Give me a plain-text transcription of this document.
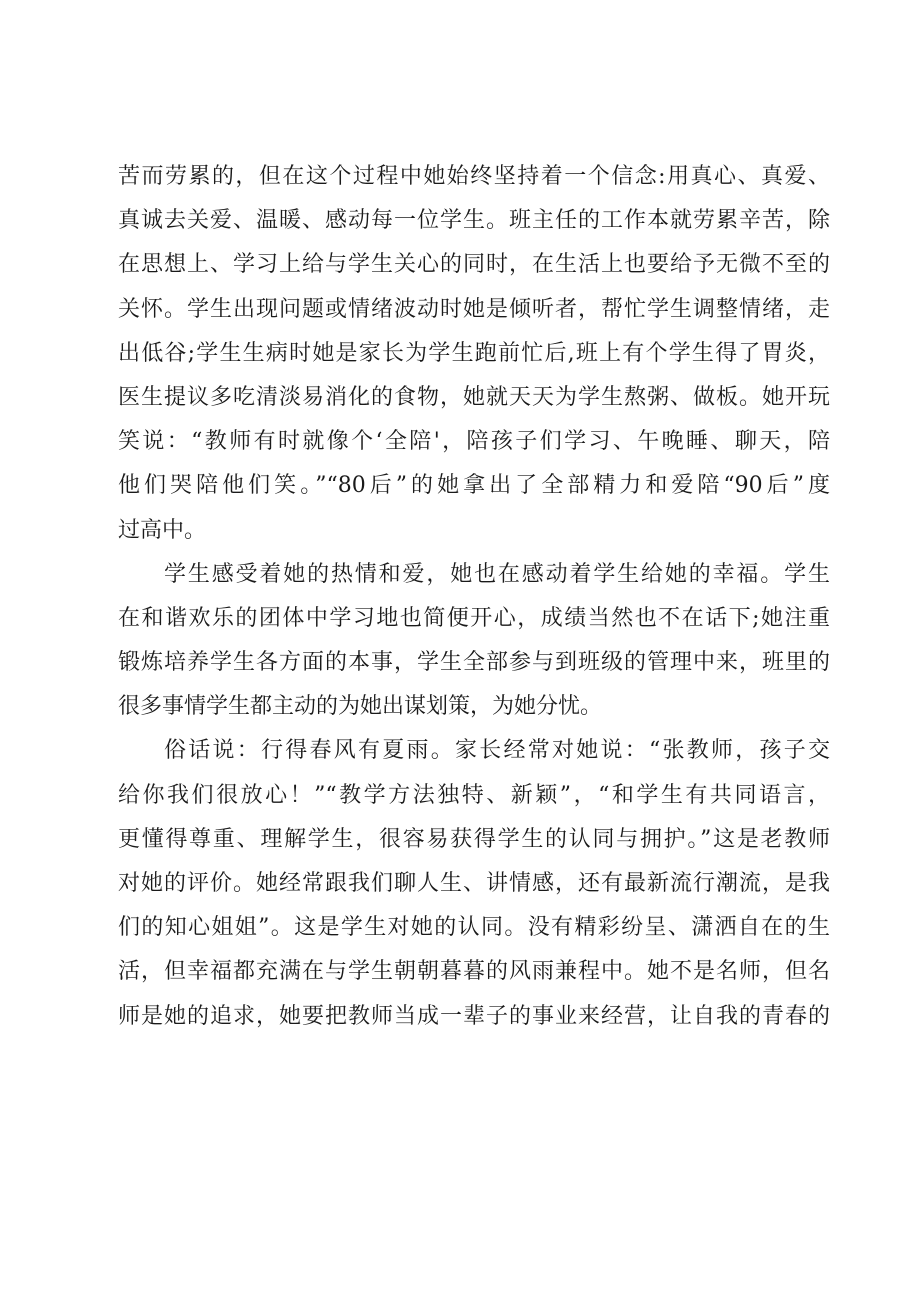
苦而劳累的，但在这个过程中她始终坚持着一个信念:用真心、真爱、
真诚去关爱、温暖、感动每一位学生。班主任的工作本就劳累辛苦，除
在思想上、学习上给与学生关心的同时，在生活上也要给予无微不至的
关怀。学生出现问题或情绪波动时她是倾听者，帮忙学生调整情绪，走
出低谷;学生生病时她是家长为学生跑前忙后,班上有个学生得了胃炎，
医生提议多吃清淡易消化的食物，她就天天为学生熬粥、做板。她开玩
笑说：“教师有时就像个‘全陪'，陪孩子们学习、午晚睡、聊天，陪
他们哭陪他们笑。”“80后”的她拿出了全部精力和爱陪“90后”度
过高中。
学生感受着她的热情和爱，她也在感动着学生给她的幸福。学生
在和谐欢乐的团体中学习地也简便开心，成绩当然也不在话下;她注重
锻炼培养学生各方面的本事，学生全部参与到班级的管理中来，班里的
很多事情学生都主动的为她出谋划策，为她分忧。
俗话说：行得春风有夏雨。家长经常对她说：“张教师，孩子交
给你我们很放心！”“教学方法独特、新颖”，“和学生有共同语言，
更懂得尊重、理解学生，很容易获得学生的认同与拥护。”这是老教师
对她的评价。她经常跟我们聊人生、讲情感，还有最新流行潮流，是我
们的知心姐姐”。这是学生对她的认同。没有精彩纷呈、潇洒自在的生
活，但幸福都充满在与学生朝朝暮暮的风雨兼程中。她不是名师，但名
师是她的追求，她要把教师当成一辈子的事业来经营，让自我的青春的
